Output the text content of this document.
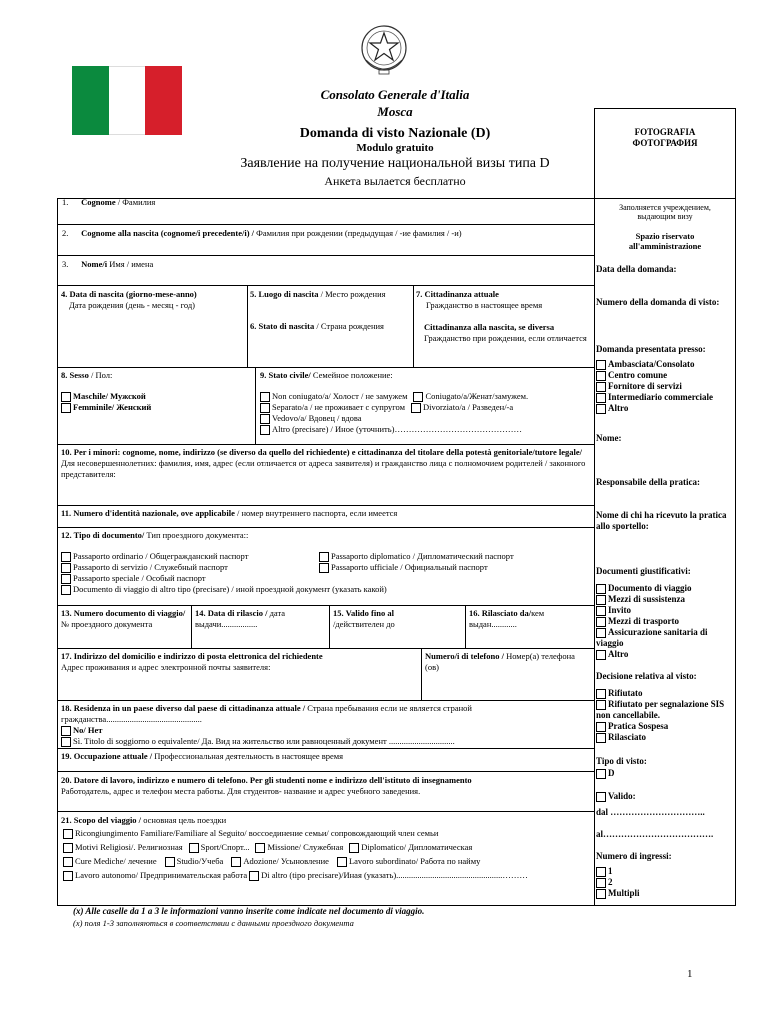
Consolato Generale d'Italia
Mosca
Domanda di visto Nazionale (D)
Modulo gratuito
Заявление на получение национальной визы типа D
Анкета вылается бесплатно
FOTOGRAFIA
ФОТОГРАФИЯ
Заполняется учреждением, выдающим визу
Spazio riservato all'amministrazione
Data della domanda:
Numero della domanda di visto:
Domanda presentata presso:
Ambasciata/Consolato
Centro comune
Fornitore di servizi
Intermediario commerciale
Altro
Nome:
Responsabile della pratica:
Nome di chi ha ricevuto la pratica allo sportello:
Documenti giustificativi:
Documento di viaggio
Mezzi di sussistenza
Invito
Mezzi di trasporto
Assicurazione sanitaria di viaggio
Altro
Decisione relativa al visto:
Rifiutato
Rifiutato per segnalazione SIS non cancellabile.
Pratica Sospesa
Rilasciato
Tipo di visto:
D
Valido:
dal …………………………..
al……………………………….
Numero di ingressi:
1
2
Multipli
1. Cognome / Фамилия
2. Cognome alla nascita (cognome/i precedente/i) / Фамилия при рождении (предыдущая / -ие фамилия / -и)
3. Nome/i Имя / имена
4. Data di nascita (giorno-mese-anno)
Дата рождения (день - месяц - год)
5. Luogo di nascita / Место рождения
6. Stato di nascita / Страна рождения
7. Cittadinanza attuale
Гражданство в настоящее время
Cittadinanza alla nascita, se diversa
Гражданство при рождении, если отличается
8. Sesso / Пол:
Maschile/ Мужской
Femminile/ Женский
9. Stato civile/ Семейное положение:
Non coniugato/a/ Холост / не замужем	Coniugato/a/Женат/замужем.
Separato/a / не проживает с супругом	Divorziato/a / Разведен/-а
Vedovo/a/ Вдовец / вдова
Altro (precisare) / Иное (уточнить)………………………………………
10. Per i minori: cognome, nome, indirizzo (se diverso da quello del richiedente) e cittadinanza del titolare della potestà genitoriale/tutore legale/ Для несовершеннолетних: фамилия, имя, адрес (если отличается от адреса заявителя) и гражданство лица с полномочием родителей / законного представителя:
11. Numero d'identità nazionale, ove applicabile / номер внутреннего паспорта, если имеется
12. Tipo di documento/ Тип проездного документа::
Passaporto ordinario / Общегражданский паспорт	Passaporto diplomatico / Дипломатический паспорт
Passaporto di servizio / Служебный паспорт	Passaporto ufficiale / Официальный паспорт
Passaporto speciale / Особый паспорт
Documento di viaggio di altro tipo (precisare) / иной проездной документ (указать какой)
13. Numero documento di viaggio/ № проездного документа
14. Data di rilascio / дата выдачи.................
15. Valido fino al
/действителен до
16. Rilasciato da/кем выдан............
17. Indirizzo del domicilio e indirizzo di posta elettronica del richiedente
Адрес проживания и адрес электронной почты заявителя:
Numero/i di telefono / Номер(а) телефона (ов)
18. Residenza in un paese diverso dal paese di cittadinanza attuale / Страна пребывания если не является страной гражданства.............................................
No/ Нет
Sì. Titolo di soggiorno o equivalente/ Да. Вид на жительство или равноценный документ ...............................
19. Occupazione attuale / Профессиональная деятельность в настоящее время
20. Datore di lavoro, indirizzo e numero di telefono. Per gli studenti nome e indirizzo dell'istituto di insegnamento
Работодатель, адрес и телефон места работы. Для студентов- название и адрес учебного заведения.
21. Scopo del viaggio / основная цель поездки
Ricongiungimento Familiare/Familiare al Seguito/ воссоединение семьи/ сопровождающий член семьи
Motivi Religiosi/. Религиозная	Sport/Спорт...	Missione/ Служебная	Diplomatico/ Дипломатическая
Cure Mediche/ лечение	Studio/Учеба	Adozione/ Усыновление	Lavoro subordinato/ Работа по найму
Lavoro autonomo/ Предпринимательская работа	Di altro (tipo precisare)/Иная (указать)..................................................………
(x) Alle caselle da 1 a 3 le informazioni vanno inserite come indicate nel documento di viaggio.
(x) поля 1-3 заполняються в соответствии с данными проездного документа
1
